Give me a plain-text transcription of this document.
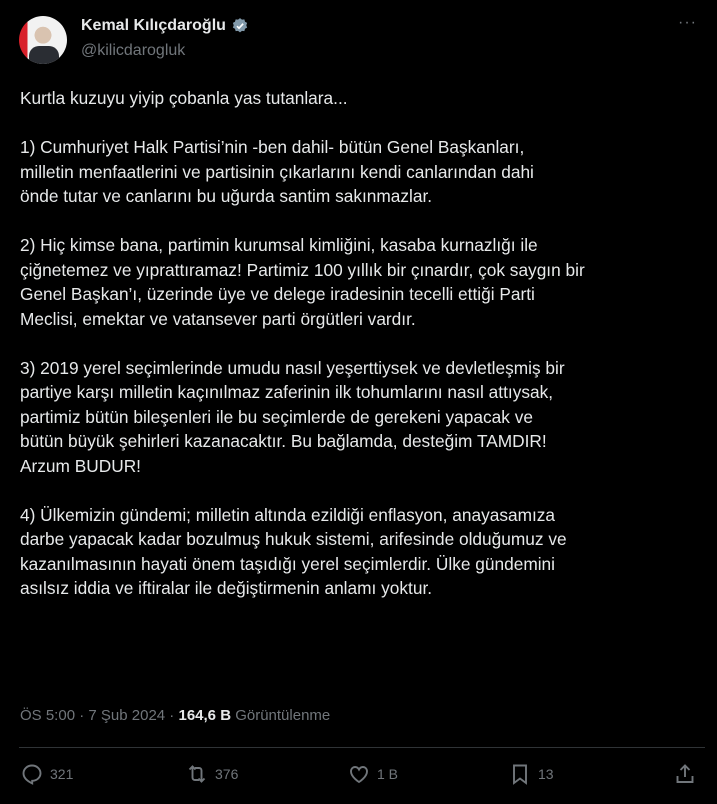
Kemal Kılıçdaroğlu
@kilicdarogluk
···

Kurtla kuzuyu yiyip çobanla yas tutanlara...

1) Cumhuriyet Halk Partisi’nin -ben dahil- bütün Genel Başkanları,
milletin menfaatlerini ve partisinin çıkarlarını kendi canlarından dahi
önde tutar ve canlarını bu uğurda santim sakınmazlar.

2) Hiç kimse bana, partimin kurumsal kimliğini, kasaba kurnazlığı ile
çiğnetemez ve yıprattıramaz! Partimiz 100 yıllık bir çınardır, çok saygın bir
Genel Başkan’ı, üzerinde üye ve delege iradesinin tecelli ettiği Parti
Meclisi, emektar ve vatansever parti örgütleri vardır.

3) 2019 yerel seçimlerinde umudu nasıl yeşerttiysek ve devletleşmiş bir
partiye karşı milletin kaçınılmaz zaferinin ilk tohumlarını nasıl attıysak,
partimiz bütün bileşenleri ile bu seçimlerde de gerekeni yapacak ve
bütün büyük şehirleri kazanacaktır. Bu bağlamda, desteğim TAMDIR!
Arzum BUDUR!

4) Ülkemizin gündemi; milletin altında ezildiği enflasyon, anayasamıza
darbe yapacak kadar bozulmuş hukuk sistemi, arifesinde olduğumuz ve
kazanılmasının hayati önem taşıdığı yerel seçimlerdir. Ülke gündemini
asılsız iddia ve iftiralar ile değiştirmenin anlamı yoktur.

ÖS 5:00 · 7 Şub 2024 · 164,6 B Görüntülenme
321	376	1 B	13
